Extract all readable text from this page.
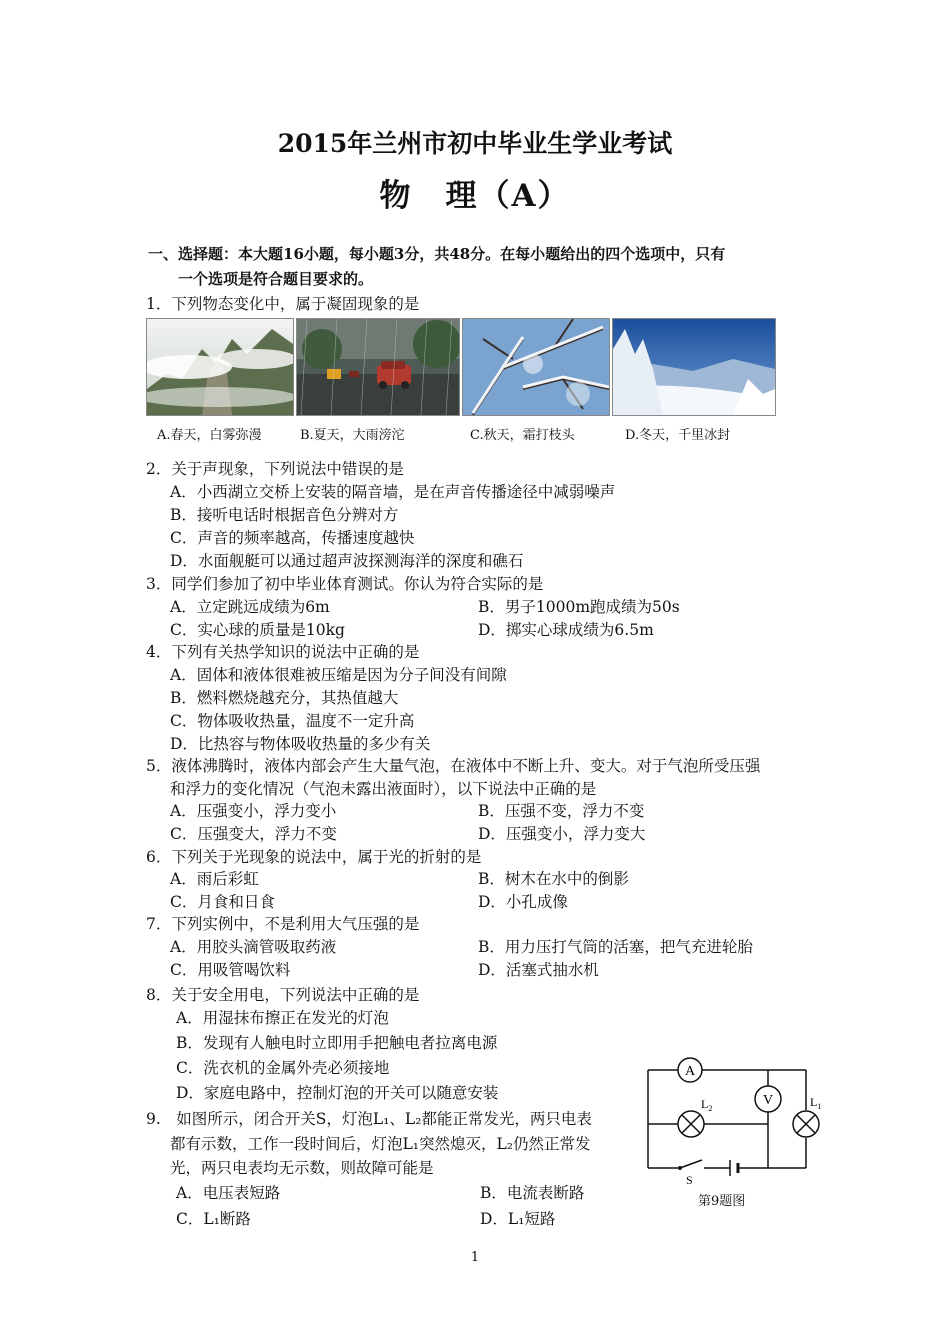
2015年兰州市初中毕业生学业考试
物　理（A）
一、选择题：本大题16小题，每小题3分，共48分。在每小题给出的四个选项中，只有
一个选项是符合题目要求的。
1．下列物态变化中，属于凝固现象的是
A.春天，白雾弥漫	B.夏天，大雨滂沱	C.秋天，霜打枝头	D.冬天，千里冰封
2．关于声现象，下列说法中错误的是
A．小西湖立交桥上安装的隔音墙，是在声音传播途径中减弱噪声
B．接听电话时根据音色分辨对方
C．声音的频率越高，传播速度越快
D．水面舰艇可以通过超声波探测海洋的深度和礁石
3．同学们参加了初中毕业体育测试。你认为符合实际的是
A．立定跳远成绩为6m	B．男子1000m跑成绩为50s
C．实心球的质量是10kg	D．掷实心球成绩为6.5m
4．下列有关热学知识的说法中正确的是
A．固体和液体很难被压缩是因为分子间没有间隙
B．燃料燃烧越充分，其热值越大
C．物体吸收热量，温度不一定升高
D．比热容与物体吸收热量的多少有关
5．液体沸腾时，液体内部会产生大量气泡，在液体中不断上升、变大。对于气泡所受压强
和浮力的变化情况（气泡未露出液面时），以下说法中正确的是
A．压强变小，浮力变小	B．压强不变，浮力不变
C．压强变大，浮力不变	D．压强变小，浮力变大
6．下列关于光现象的说法中，属于光的折射的是
A．雨后彩虹	B．树木在水中的倒影
C．月食和日食	D．小孔成像
7．下列实例中，不是利用大气压强的是
A．用胶头滴管吸取药液	B．用力压打气筒的活塞，把气充进轮胎
C．用吸管喝饮料	D．活塞式抽水机
8．关于安全用电，下列说法中正确的是
A．用湿抹布擦正在发光的灯泡
B．发现有人触电时立即用手把触电者拉离电源
C．洗衣机的金属外壳必须接地
D．家庭电路中，控制灯泡的开关可以随意安装
9.　如图所示，闭合开关S，灯泡L₁、L₂都能正常发光，两只电表
都有示数，工作一段时间后，灯泡L₁突然熄灭，L₂仍然正常发
光，两只电表均无示数，则故障可能是
A．电压表短路	B．电流表断路
C．L₁断路	D．L₁短路
A
V
$L_2$	$L_1$
S
第9题图
1
